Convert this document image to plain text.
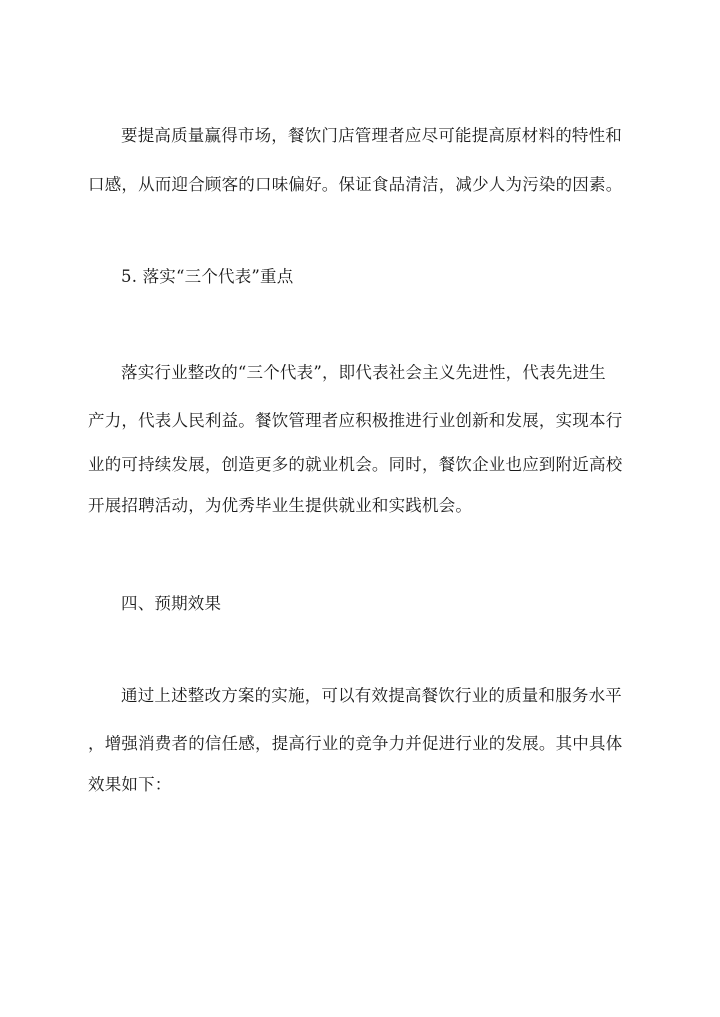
要提高质量赢得市场，餐饮门店管理者应尽可能提高原材料的特性和
口感，从而迎合顾客的口味偏好。保证食品清洁，减少人为污染的因素。
5. 落实“三个代表”重点
落实行业整改的“三个代表”，即代表社会主义先进性，代表先进生
产力，代表人民利益。餐饮管理者应积极推进行业创新和发展，实现本行
业的可持续发展，创造更多的就业机会。同时，餐饮企业也应到附近高校
开展招聘活动，为优秀毕业生提供就业和实践机会。
四、预期效果
通过上述整改方案的实施，可以有效提高餐饮行业的质量和服务水平
，增强消费者的信任感，提高行业的竞争力并促进行业的发展。其中具体
效果如下：
